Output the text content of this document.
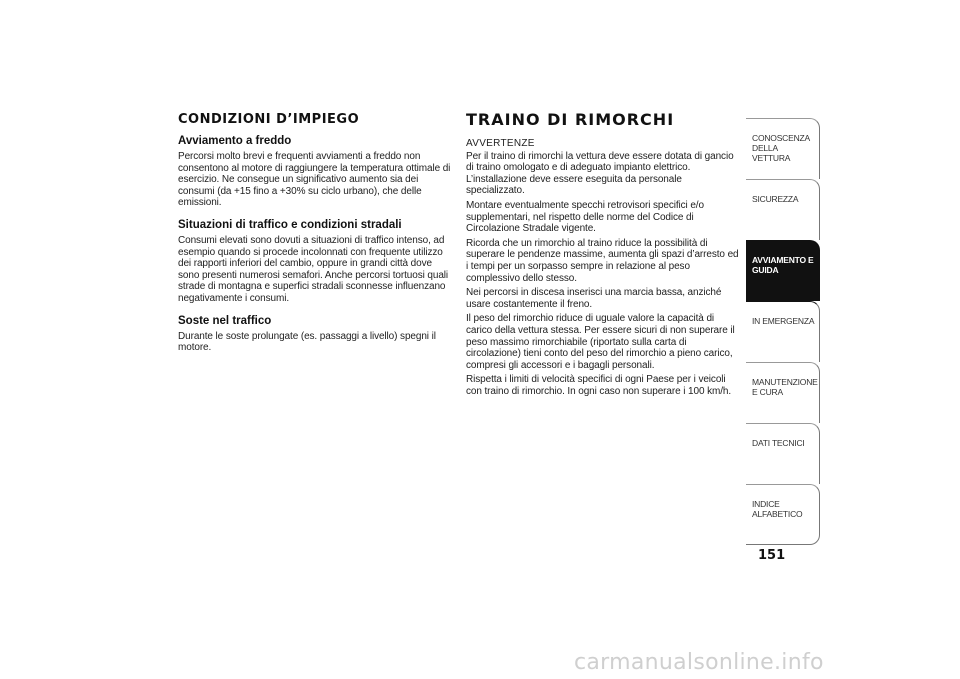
CONDIZIONI D’IMPIEGO
Avviamento a freddo

Percorsi molto brevi e frequenti avviamenti a freddo non consentono al motore di raggiungere la temperatura ottimale di esercizio. Ne consegue un significativo aumento sia dei consumi (da +15 fino a +30% su ciclo urbano), che delle emissioni.

Situazioni di traffico e condizioni stradali

Consumi elevati sono dovuti a situazioni di traffico intenso, ad esempio quando si procede incolonnati con frequente utilizzo dei rapporti inferiori del cambio, oppure in grandi città dove sono presenti numerosi semafori. Anche percorsi tortuosi quali strade di montagna e superfici stradali sconnesse influenzano negativamente i consumi.

Soste nel traffico

Durante le soste prolungate (es. passaggi a livello) spegni il motore.

TRAINO DI RIMORCHI
AVVERTENZE

Per il traino di rimorchi la vettura deve essere dotata di gancio di traino omologato e di adeguato impianto elettrico. L’installazione deve essere eseguita da personale specializzato.

Montare eventualmente specchi retrovisori specifici e/o supplementari, nel rispetto delle norme del Codice di Circolazione Stradale vigente.

Ricorda che un rimorchio al traino riduce la possibilità di superare le pendenze massime, aumenta gli spazi d’arresto ed i tempi per un sorpasso sempre in relazione al peso complessivo dello stesso.

Nei percorsi in discesa inserisci una marcia bassa, anziché usare costantemente il freno.

Il peso del rimorchio riduce di uguale valore la capacità di carico della vettura stessa. Per essere sicuri di non superare il peso massimo rimorchiabile (riportato sulla carta di circolazione) tieni conto del peso del rimorchio a pieno carico, compresi gli accessori e i bagagli personali.

Rispetta i limiti di velocità specifici di ogni Paese per i veicoli con traino di rimorchio. In ogni caso non superare i 100 km/h.

CONOSCENZA DELLA VETTURA
SICUREZZA
AVVIAMENTO E GUIDA
IN EMERGENZA
MANUTENZIONE E CURA
DATI TECNICI
INDICE ALFABETICO
151
carmanualsonline.info
